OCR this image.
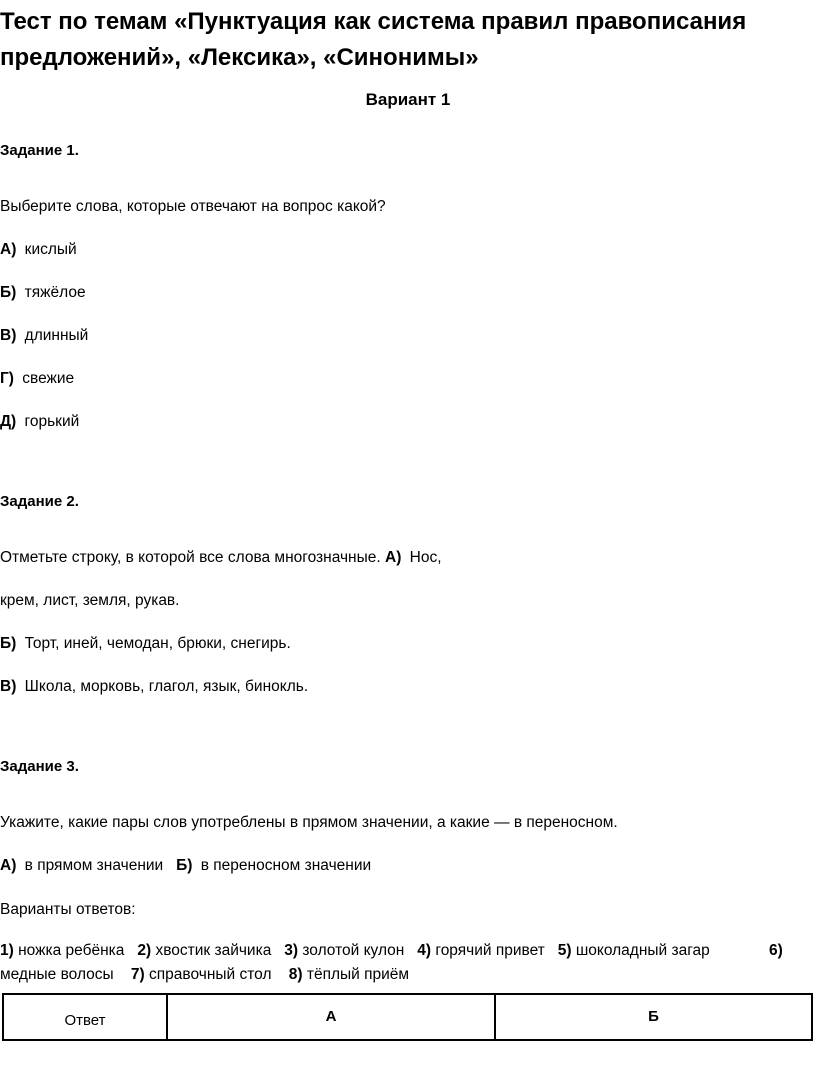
Тест по темам «Пунктуация как система правил правописания
предложений», «Лексика», «Синонимы»
Вариант 1
Задание 1.
Выберите слова, которые отвечают на вопрос какой?
А) кислый
Б) тяжёлое
В) длинный
Г) свежие
Д) горький
Задание 2.
Отметьте строку, в которой все слова многозначные. А) Нос,
крем, лист, земля, рукав.
Б) Торт, иней, чемодан, брюки, снегирь.
В) Школа, морковь, глагол, язык, бинокль.
Задание 3.
Укажите, какие пары слов употреблены в прямом значении, а какие — в переносном.
А) в прямом значении Б) в переносном значении
Варианты ответов:
1) ножка ребёнка 2) хвостик зайчика 3) золотой кулон 4) горячий привет 5) шоколадный загар	6)
медные волосы 7) справочный стол 8) тёплый приём
Ответ	А	Б
